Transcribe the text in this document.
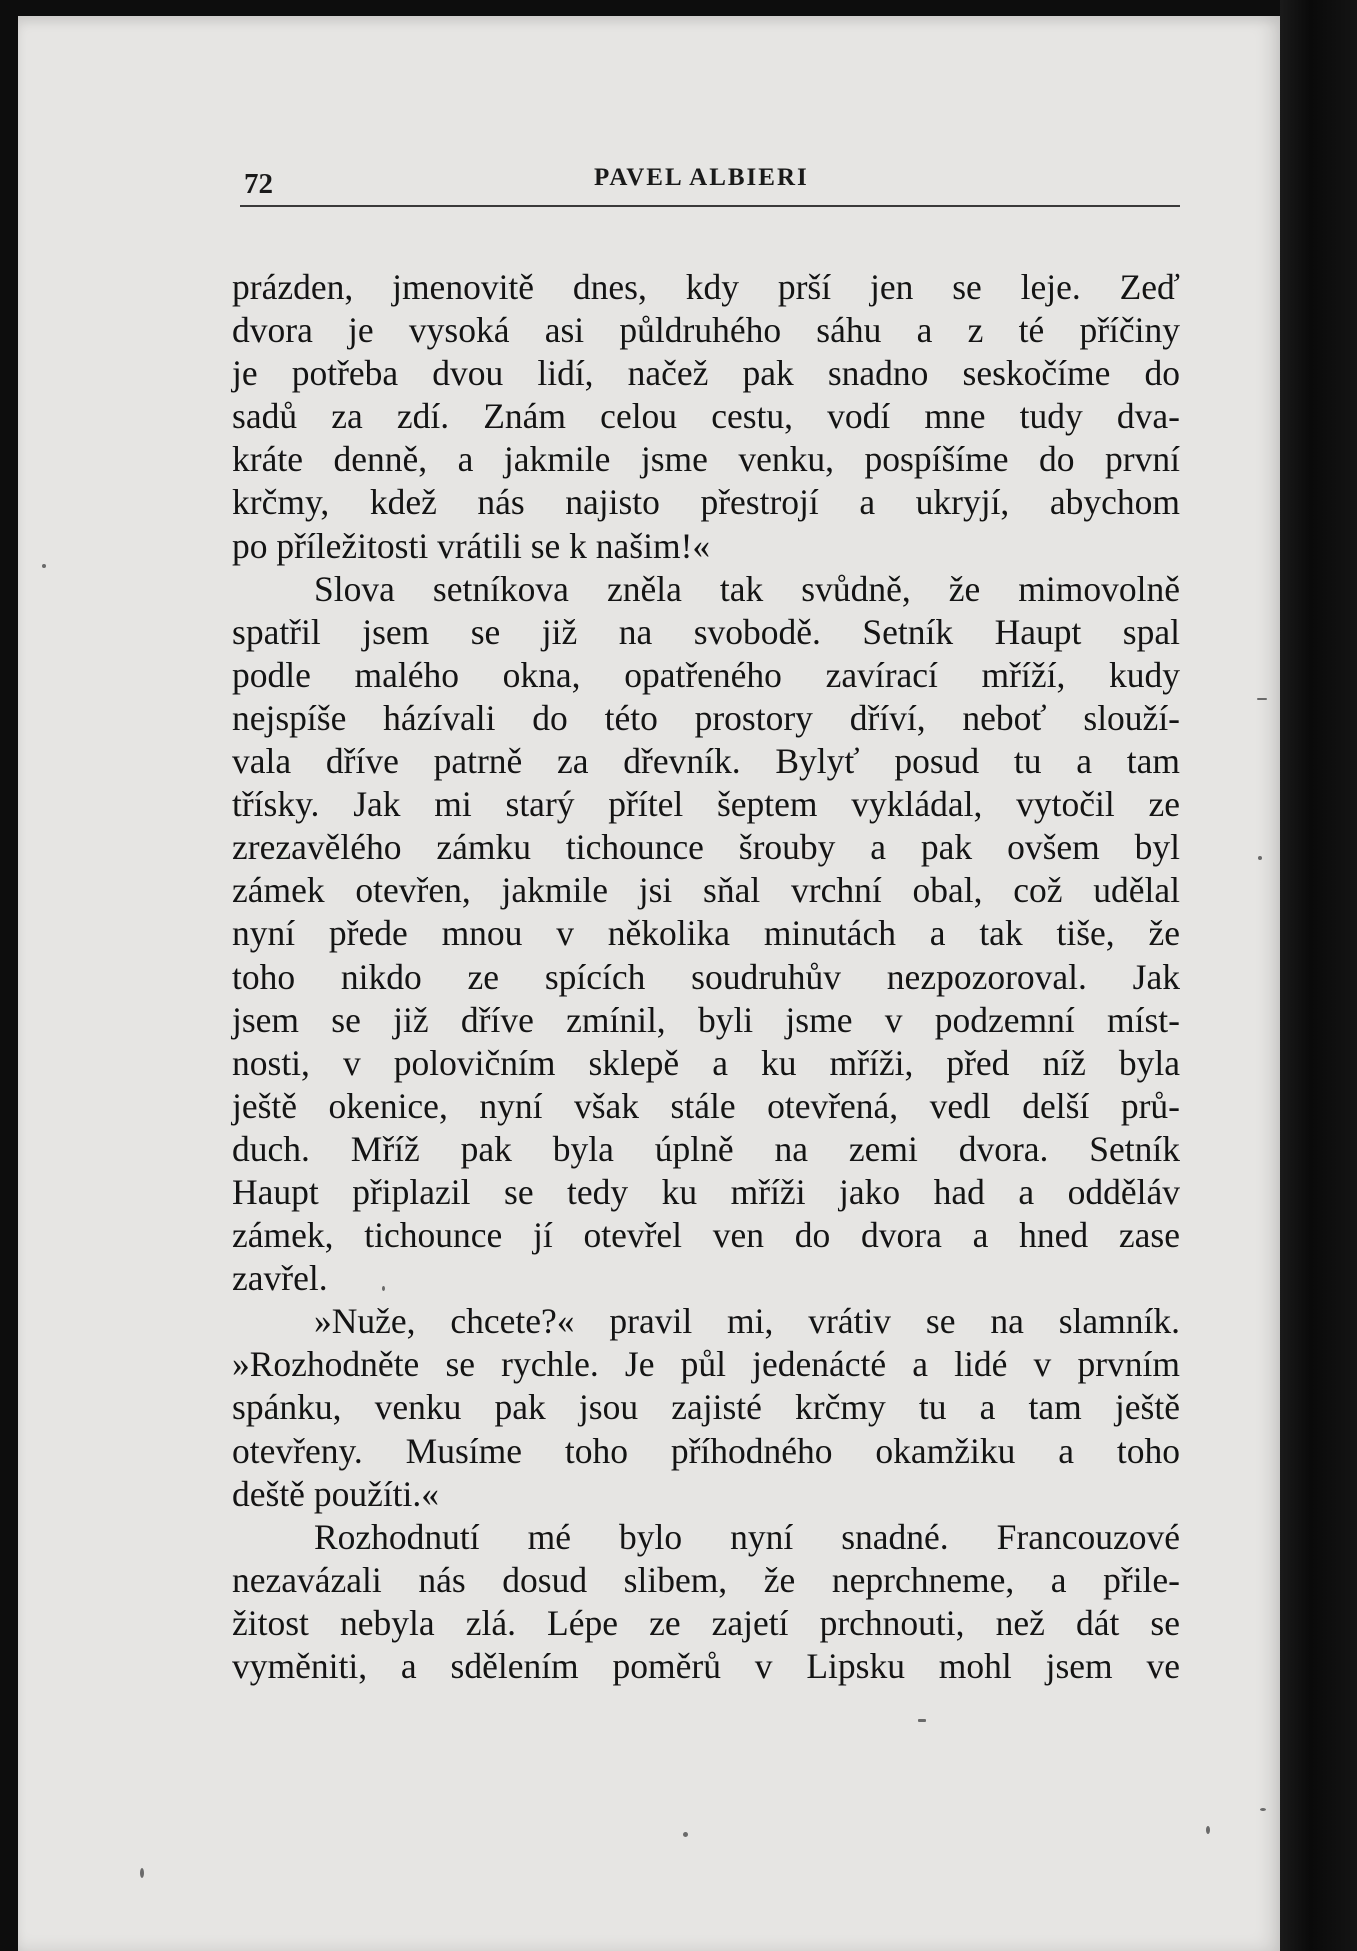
72	PAVEL ALBIERI
prázden, jmenovitě dnes, kdy prší jen se leje. Zeď
dvora je vysoká asi půldruhého sáhu a z té příčiny
je potřeba dvou lidí, načež pak snadno seskočíme do
sadů za zdí. Znám celou cestu, vodí mne tudy dva-
kráte denně, a jakmile jsme venku, pospíšíme do první
krčmy, kdež nás najisto přestrojí a ukryjí, abychom
po příležitosti vrátili se k našim!«
Slova setníkova zněla tak svůdně, že mimovolně
spatřil jsem se již na svobodě. Setník Haupt spal
podle malého okna, opatřeného zavírací mříží, kudy
nejspíše házívali do této prostory dříví, neboť slouží-
vala dříve patrně za dřevník. Bylyť posud tu a tam
třísky. Jak mi starý přítel šeptem vykládal, vytočil ze
zrezavělého zámku tichounce šrouby a pak ovšem byl
zámek otevřen, jakmile jsi sňal vrchní obal, což udělal
nyní přede mnou v několika minutách a tak tiše, že
toho nikdo ze spících soudruhův nezpozoroval. Jak
jsem se již dříve zmínil, byli jsme v podzemní míst-
nosti, v polovičním sklepě a ku mříži, před níž byla
ještě okenice, nyní však stále otevřená, vedl delší prů-
duch. Mříž pak byla úplně na zemi dvora. Setník
Haupt připlazil se tedy ku mříži jako had a odděláv
zámek, tichounce jí otevřel ven do dvora a hned zase
zavřel.
»Nuže, chcete?« pravil mi, vrátiv se na slamník.
»Rozhodněte se rychle. Je půl jedenácté a lidé v prvním
spánku, venku pak jsou zajisté krčmy tu a tam ještě
otevřeny. Musíme toho příhodného okamžiku a toho
deště použíti.«
Rozhodnutí mé bylo nyní snadné. Francouzové
nezavázali nás dosud slibem, že neprchneme, a přile-
žitost nebyla zlá. Lépe ze zajetí prchnouti, než dát se
vyměniti, a sdělením poměrů v Lipsku mohl jsem ve
